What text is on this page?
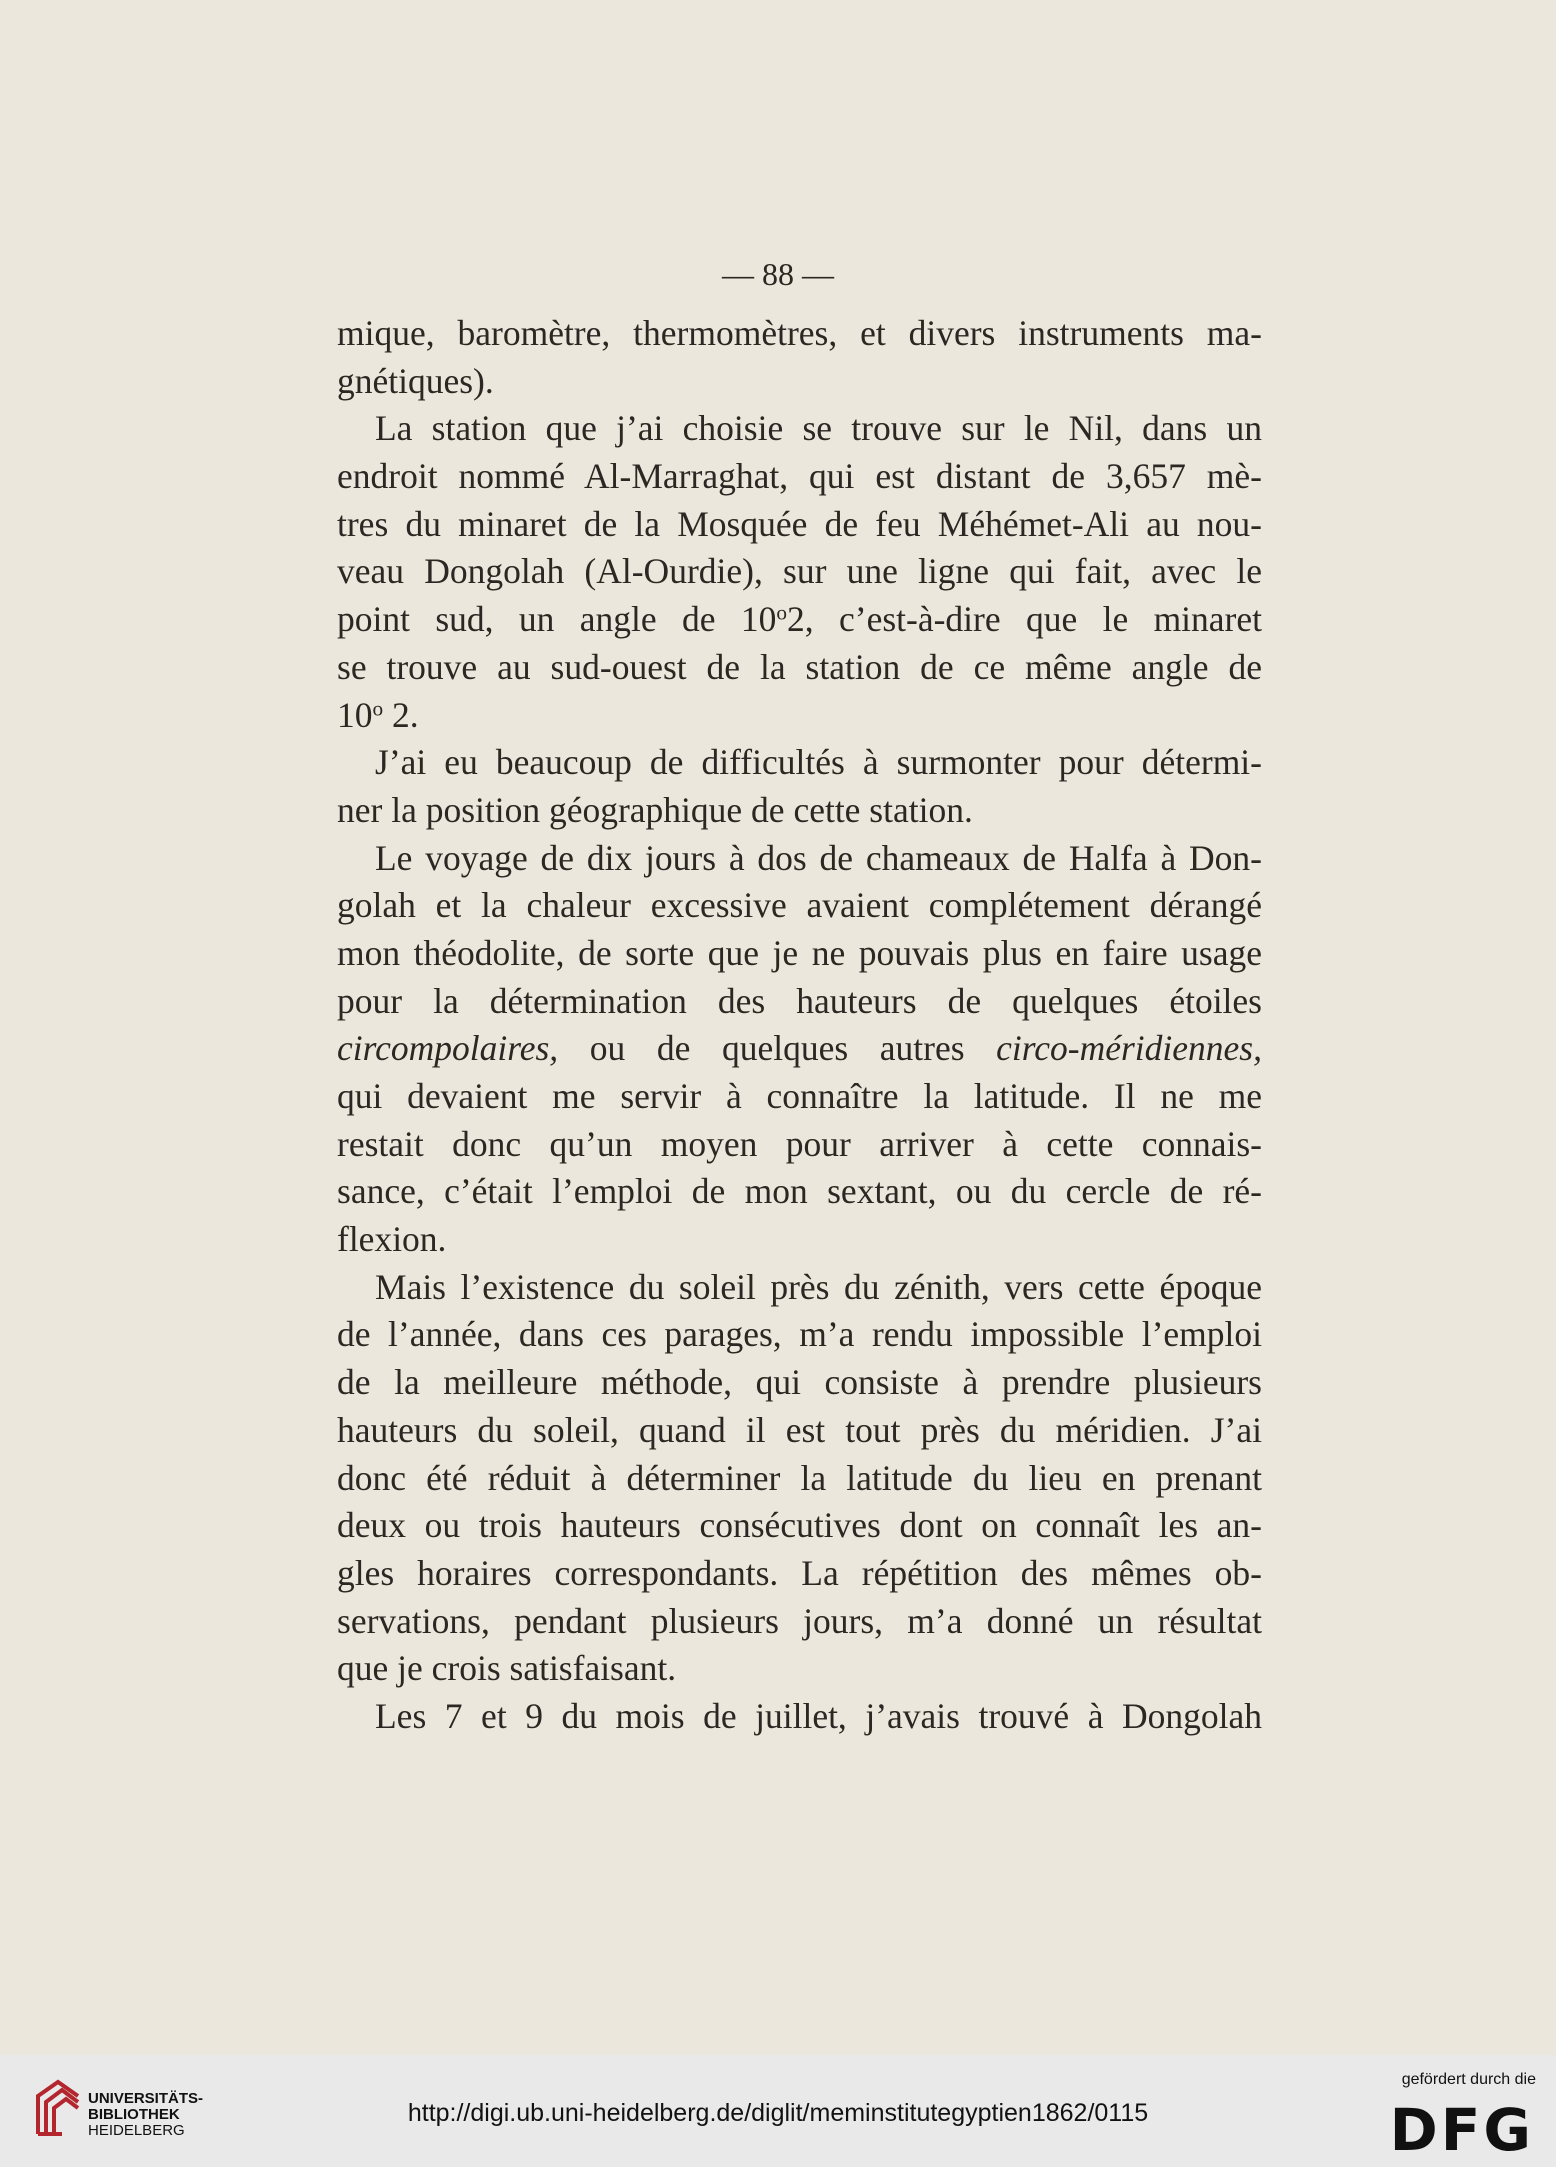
— 88 —
mique, baromètre, thermomètres, et divers instruments ma-
gnétiques).
La station que j’ai choisie se trouve sur le Nil, dans un
endroit nommé Al-Marraghat, qui est distant de 3,657 mè-
tres du minaret de la Mosquée de feu Méhémet-Ali au nou-
veau Dongolah (Al-Ourdie), sur une ligne qui fait, avec le
point sud, un angle de 10$^o$2, c’est-à-dire que le minaret
se trouve au sud-ouest de la station de ce même angle de
10$^o$ 2.
J’ai eu beaucoup de difficultés à surmonter pour détermi-
ner la position géographique de cette station.
Le voyage de dix jours à dos de chameaux de Halfa à Don-
golah et la chaleur excessive avaient complétement dérangé
mon théodolite, de sorte que je ne pouvais plus en faire usage
pour la détermination des hauteurs de quelques étoiles
circompolaires, ou de quelques autres circo-méridiennes,
qui devaient me servir à connaître la latitude. Il ne me
restait donc qu’un moyen pour arriver à cette connais-
sance, c’était l’emploi de mon sextant, ou du cercle de ré-
flexion.
Mais l’existence du soleil près du zénith, vers cette époque
de l’année, dans ces parages, m’a rendu impossible l’emploi
de la meilleure méthode, qui consiste à prendre plusieurs
hauteurs du soleil, quand il est tout près du méridien. J’ai
donc été réduit à déterminer la latitude du lieu en prenant
deux ou trois hauteurs consécutives dont on connaît les an-
gles horaires correspondants. La répétition des mêmes ob-
servations, pendant plusieurs jours, m’a donné un résultat
que je crois satisfaisant.
Les 7 et 9 du mois de juillet, j’avais trouvé à Dongolah
UNIVERSITÄTS-
BIBLIOTHEK
HEIDELBERG
http://digi.ub.uni-heidelberg.de/diglit/meminstitutegyptien1862/0115
gefördert durch die
DFG
